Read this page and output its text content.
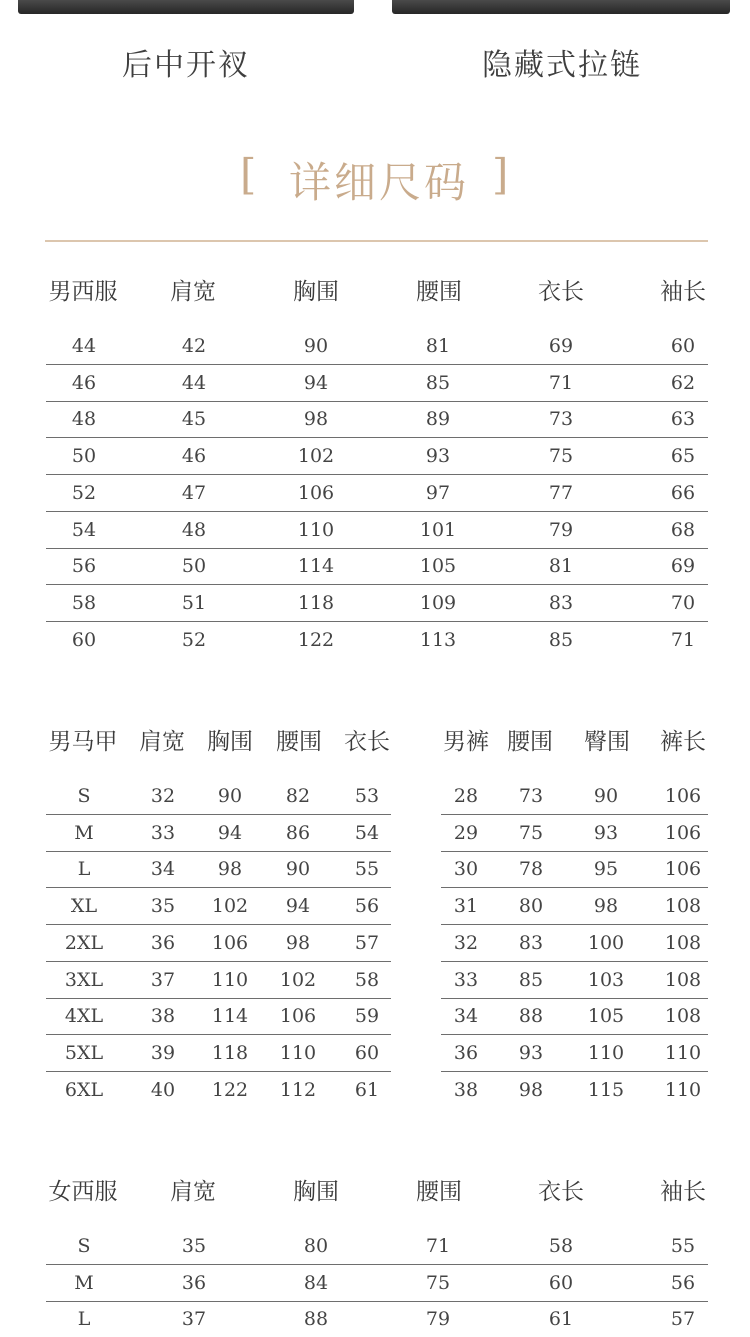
后中开衩	隐藏式拉链
[ 详细尺码 ]
男西服 肩宽	胸围	腰围	衣长	袖长
44	42	90	81	69	60
46	44	94	85	71	62
48	45	98	89	73	63
50	46	102	93	75	65
52	47	106	97	77	66
54	48	110	101	79	68
56	50	114	105	81	69
58	51	118	109	83	70
60	52	122	113	85	71
男马甲 肩宽 胸围 腰围 衣长
S	32 90 82 53
M	33 94 86 54
L	34 98 90 55
XL	35 102 94 56
2XL	36 106 98 57
3XL	37 110 102 58
4XL	38 114 106 59
5XL	39 118 110 60
6XL	40 122 112 61
男裤 腰围 臀围 裤长
28 73	90 106
29 75	93 106
30 78	95 106
31 80	98 108
32 83 100 108
33 85 103 108
34 88 105 108
36 93 110 110
38 98 115 110
女西服 肩宽	胸围	腰围	衣长	袖长
S	35	80	71	58	55
M	36	84	75	60	56
L	37	88	79	61	57
